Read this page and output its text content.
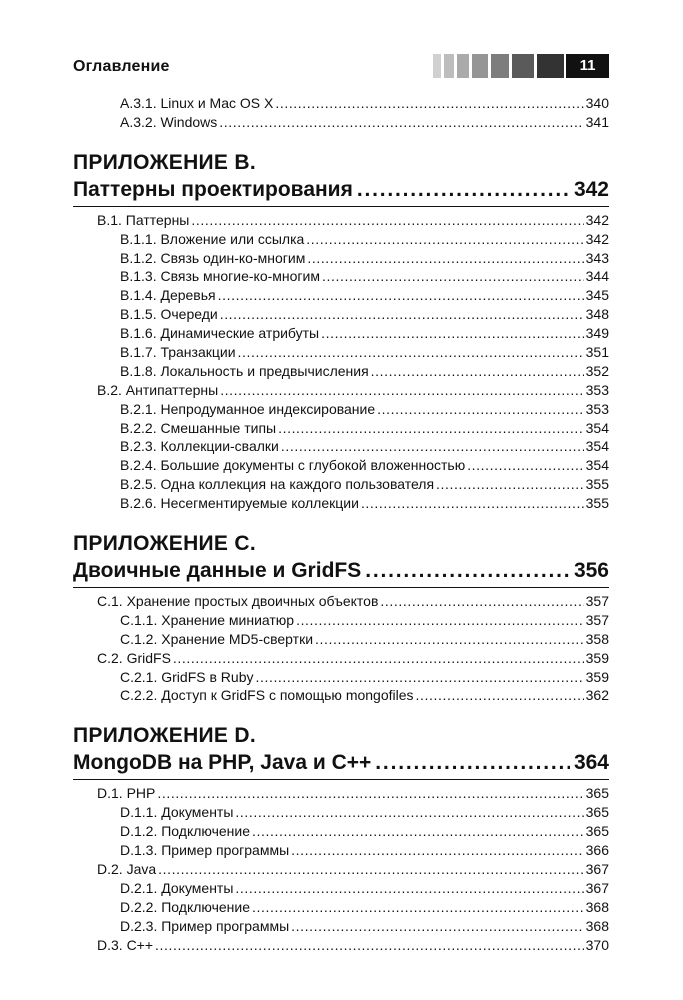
Оглавление	11
A.3.1. Linux и Mac OS X .....	340
A.3.2. Windows .....	341
ПРИЛОЖЕНИЕ B.
Паттерны проектирования .....	342
B.1. Паттерны .....	342
B.1.1. Вложение или ссылка .....	342
B.1.2. Связь один-ко-многим .....	343
B.1.3. Связь многие-ко-многим .....	344
B.1.4. Деревья .....	345
B.1.5. Очереди .....	348
B.1.6. Динамические атрибуты .....	349
B.1.7. Транзакции .....	351
B.1.8. Локальность и предвычисления .....	352
B.2. Антипаттерны .....	353
B.2.1. Непродуманное индексирование .....	353
B.2.2. Смешанные типы .....	354
B.2.3. Коллекции-свалки .....	354
B.2.4. Большие документы с глубокой вложенностью .....	354
B.2.5. Одна коллекция на каждого пользователя .....	355
B.2.6. Несегментируемые коллекции .....	355
ПРИЛОЖЕНИЕ C.
Двоичные данные и GridFS .....	356
C.1. Хранение простых двоичных объектов .....	357
C.1.1. Хранение миниатюр .....	357
C.1.2. Хранение MD5-свертки .....	358
C.2. GridFS .....	359
C.2.1. GridFS в Ruby .....	359
C.2.2. Доступ к GridFS с помощью mongofiles .....	362
ПРИЛОЖЕНИЕ D.
MongoDB на PHP, Java и C++ .....	364
D.1. PHP .....	365
D.1.1. Документы .....	365
D.1.2. Подключение .....	365
D.1.3. Пример программы .....	366
D.2. Java .....	367
D.2.1. Документы .....	367
D.2.2. Подключение .....	368
D.2.3. Пример программы .....	368
D.3. C++ .....	370
